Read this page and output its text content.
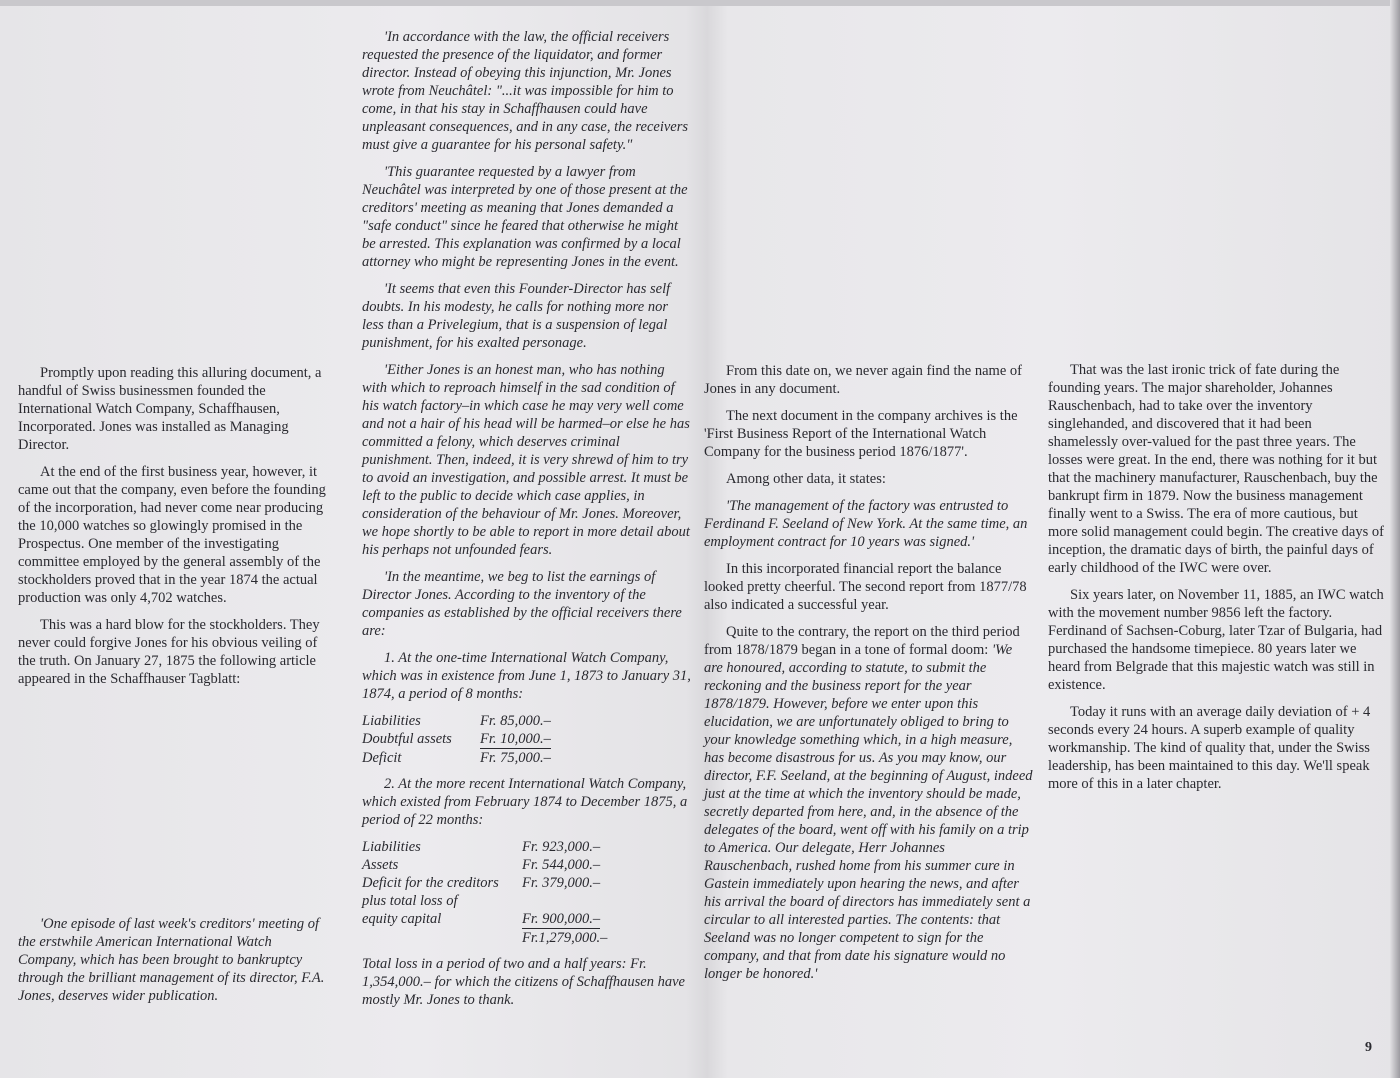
Promptly upon reading this alluring document, a handful of Swiss businessmen founded the International Watch Company, Schaffhausen, Incorporated. Jones was installed as Managing Director.

At the end of the first business year, however, it came out that the company, even before the founding of the incorporation, had never come near producing the 10,000 watches so glowingly promised in the Prospectus. One member of the investigating committee employed by the general assembly of the stockholders proved that in the year 1874 the actual production was only 4,702 watches.

This was a hard blow for the stockholders. They never could forgive Jones for his obvious veiling of the truth. On January 27, 1875 the following article appeared in the Schaffhauser Tagblatt:

'One episode of last week's creditors' meeting of the erstwhile American International Watch Company, which has been brought to bankruptcy through the brilliant management of its director, F.A. Jones, deserves wider publication.

'In accordance with the law, the official receivers requested the presence of the liquidator, and former director. Instead of obeying this injunction, Mr. Jones wrote from Neuchâtel: "...it was impossible for him to come, in that his stay in Schaffhausen could have unpleasant consequences, and in any case, the receivers must give a guarantee for his personal safety."

'This guarantee requested by a lawyer from Neuchâtel was interpreted by one of those present at the creditors' meeting as meaning that Jones demanded a "safe conduct" since he feared that otherwise he might be arrested. This explanation was confirmed by a local attorney who might be representing Jones in the event.

'It seems that even this Founder-Director has self doubts. In his modesty, he calls for nothing more nor less than a Privelegium, that is a suspension of legal punishment, for his exalted personage.

'Either Jones is an honest man, who has nothing with which to reproach himself in the sad condition of his watch factory–in which case he may very well come and not a hair of his head will be harmed–or else he has committed a felony, which deserves criminal punishment. Then, indeed, it is very shrewd of him to try to avoid an investigation, and possible arrest. It must be left to the public to decide which case applies, in consideration of the behaviour of Mr. Jones. Moreover, we hope shortly to be able to report in more detail about his perhaps not unfounded fears.

'In the meantime, we beg to list the earnings of Director Jones. According to the inventory of the companies as established by the official receivers there are:

1. At the one-time International Watch Company, which was in existence from June 1, 1873 to January 31, 1874, a period of 8 months:

Liabilities	Fr. 85,000.–
Doubtful assets	Fr. 10,000.–
Deficit	Fr. 75,000.–

2. At the more recent International Watch Company, which existed from February 1874 to December 1875, a period of 22 months:

Liabilities	Fr. 923,000.–
Assets	Fr. 544,000.–
Deficit for the creditors	Fr. 379,000.–
plus total loss of
equity capital	Fr. 900,000.–
Fr.1,279,000.–

Total loss in a period of two and a half years: Fr. 1,354,000.– for which the citizens of Schaffhausen have mostly Mr. Jones to thank.

From this date on, we never again find the name of Jones in any document.

The next document in the company archives is the 'First Business Report of the International Watch Company for the business period 1876/1877'.

Among other data, it states:

'The management of the factory was entrusted to Ferdinand F. Seeland of New York. At the same time, an employment contract for 10 years was signed.'

In this incorporated financial report the balance looked pretty cheerful. The second report from 1877/78 also indicated a successful year.

Quite to the contrary, the report on the third period from 1878/1879 began in a tone of formal doom: 'We are honoured, according to statute, to submit the reckoning and the business report for the year 1878/1879. However, before we enter upon this elucidation, we are unfortunately obliged to bring to your knowledge something which, in a high measure, has become disastrous for us. As you may know, our director, F.F. Seeland, at the beginning of August, indeed just at the time at which the inventory should be made, secretly departed from here, and, in the absence of the delegates of the board, went off with his family on a trip to America. Our delegate, Herr Johannes Rauschenbach, rushed home from his summer cure in Gastein immediately upon hearing the news, and after his arrival the board of directors has immediately sent a circular to all interested parties. The contents: that Seeland was no longer competent to sign for the company, and that from date his signature would no longer be honored.'

That was the last ironic trick of fate during the founding years. The major shareholder, Johannes Rauschenbach, had to take over the inventory singlehanded, and discovered that it had been shamelessly over-valued for the past three years. The losses were great. In the end, there was nothing for it but that the machinery manufacturer, Rauschenbach, buy the bankrupt firm in 1879. Now the business management finally went to a Swiss. The era of more cautious, but more solid management could begin. The creative days of inception, the dramatic days of birth, the painful days of early childhood of the IWC were over.

Six years later, on November 11, 1885, an IWC watch with the movement number 9856 left the factory. Ferdinand of Sachsen-Coburg, later Tzar of Bulgaria, had purchased the handsome timepiece. 80 years later we heard from Belgrade that this majestic watch was still in existence.

Today it runs with an average daily deviation of + 4 seconds every 24 hours. A superb example of quality workmanship. The kind of quality that, under the Swiss leadership, has been maintained to this day. We'll speak more of this in a later chapter.

9
